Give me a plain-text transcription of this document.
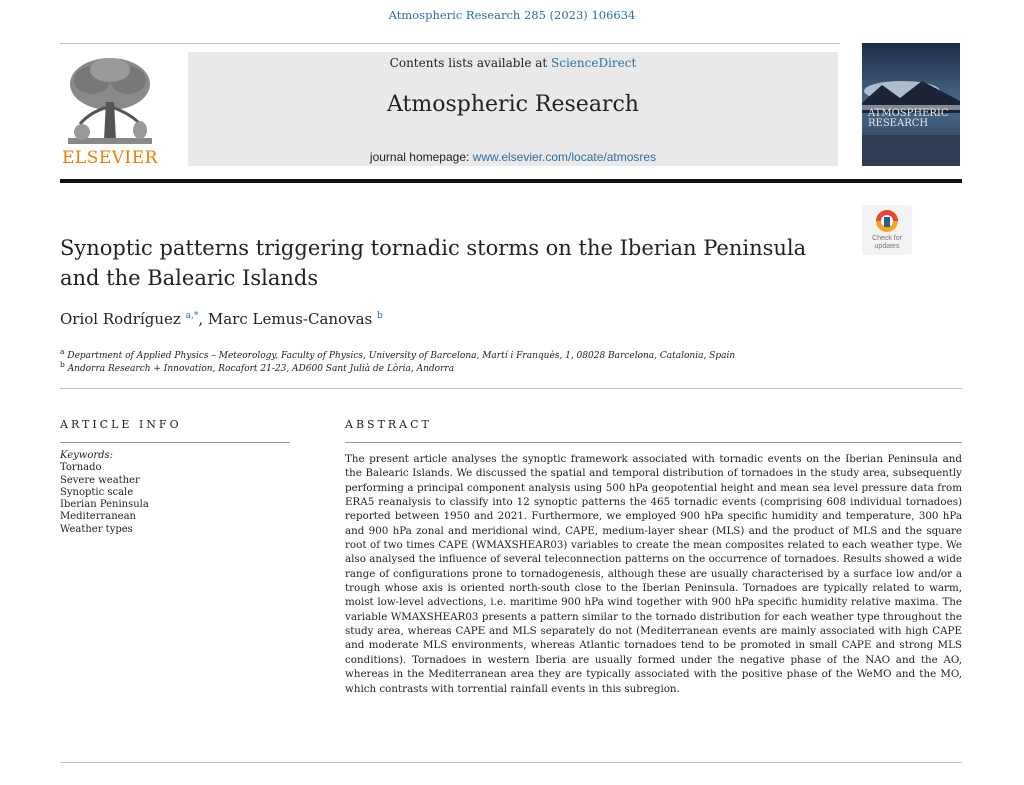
Atmospheric Research 285 (2023) 106634
ELSEVIER
Contents lists available at ScienceDirect
Atmospheric Research
journal homepage: www.elsevier.com/locate/atmosres
ATMOSPHERIC RESEARCH
Check for
updates
Synoptic patterns triggering tornadic storms on the Iberian Peninsula and the Balearic Islands
Oriol Rodríguez $^{a,*}$, Marc Lemus-Canovas $^b$
$^a$ Department of Applied Physics – Meteorology, Faculty of Physics, University of Barcelona, Martí i Franquès, 1, 08028 Barcelona, Catalonia, Spain
$^b$ Andorra Research + Innovation, Rocafort 21-23, AD600 Sant Julià de Lòria, Andorra
ARTICLE INFO
Keywords:
Tornado
Severe weather
Synoptic scale
Iberian Peninsula
Mediterranean
Weather types
ABSTRACT
The present article analyses the synoptic framework associated with tornadic events on the Iberian Peninsula and the Balearic Islands. We discussed the spatial and temporal distribution of tornadoes in the study area, subsequently performing a principal component analysis using 500 hPa geopotential height and mean sea level pressure data from ERA5 reanalysis to classify into 12 synoptic patterns the 465 tornadic events (comprising 608 individual tornadoes) reported between 1950 and 2021. Furthermore, we employed 900 hPa specific humidity and temperature, 300 hPa and 900 hPa zonal and meridional wind, CAPE, medium-layer shear (MLS) and the product of MLS and the square root of two times CAPE (WMAXSHEAR03) variables to create the mean composites related to each weather type. We also analysed the influence of several teleconnection patterns on the occurrence of tornadoes. Results showed a wide range of configurations prone to tornadogenesis, although these are usually characterised by a surface low and/or a trough whose axis is oriented north-south close to the Iberian Peninsula. Tornadoes are typically related to warm, moist low-level advections, i.e. maritime 900 hPa wind together with 900 hPa specific humidity relative maxima. The variable WMAXSHEAR03 presents a pattern similar to the tornado distribution for each weather type throughout the study area, whereas CAPE and MLS separately do not (Mediterranean events are mainly associated with high CAPE and moderate MLS environments, whereas Atlantic tornadoes tend to be promoted in small CAPE and strong MLS conditions). Tornadoes in western Iberia are usually formed under the negative phase of the NAO and the AO, whereas in the Mediterranean area they are typically associated with the positive phase of the WeMO and the MO, which contrasts with torrential rainfall events in this subregion.
